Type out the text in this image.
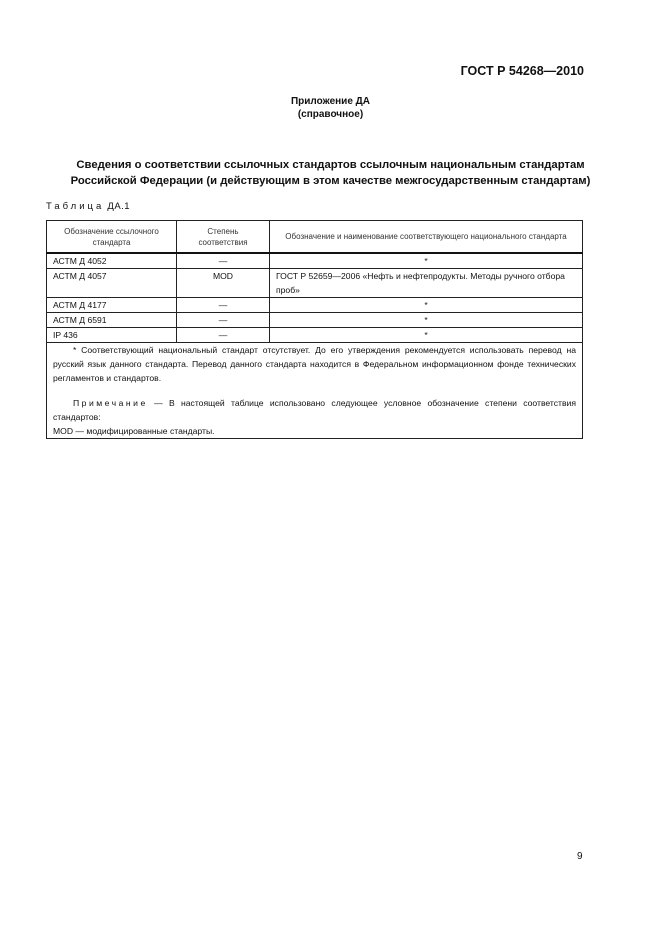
ГОСТ Р 54268—2010
Приложение ДА
(справочное)
Сведения о соответствии ссылочных стандартов ссылочным национальным стандартам
Российской Федерации (и действующим в этом качестве межгосударственным стандартам)
Таблица ДА.1
Обозначение ссылочного стандарта	Степень соответствия	Обозначение и наименование соответствующего национального стандарта
АСТМ Д 4052	—	*
АСТМ Д 4057	MOD	ГОСТ Р 52659—2006 «Нефть и нефтепродукты. Методы ручного отбора проб»
АСТМ Д 4177	—	*
АСТМ Д 6591	—	*
IP 436	—	*

* Соответствующий национальный стандарт отсутствует. До его утверждения рекомендуется использовать перевод на русский язык данного стандарта. Перевод данного стандарта находится в Федеральном информационном фонде технических регламентов и стандартов.

Примечание — В настоящей таблице использовано следующее условное обозначение степени соответствия стандартов:

MOD — модифицированные стандарты.		

9
